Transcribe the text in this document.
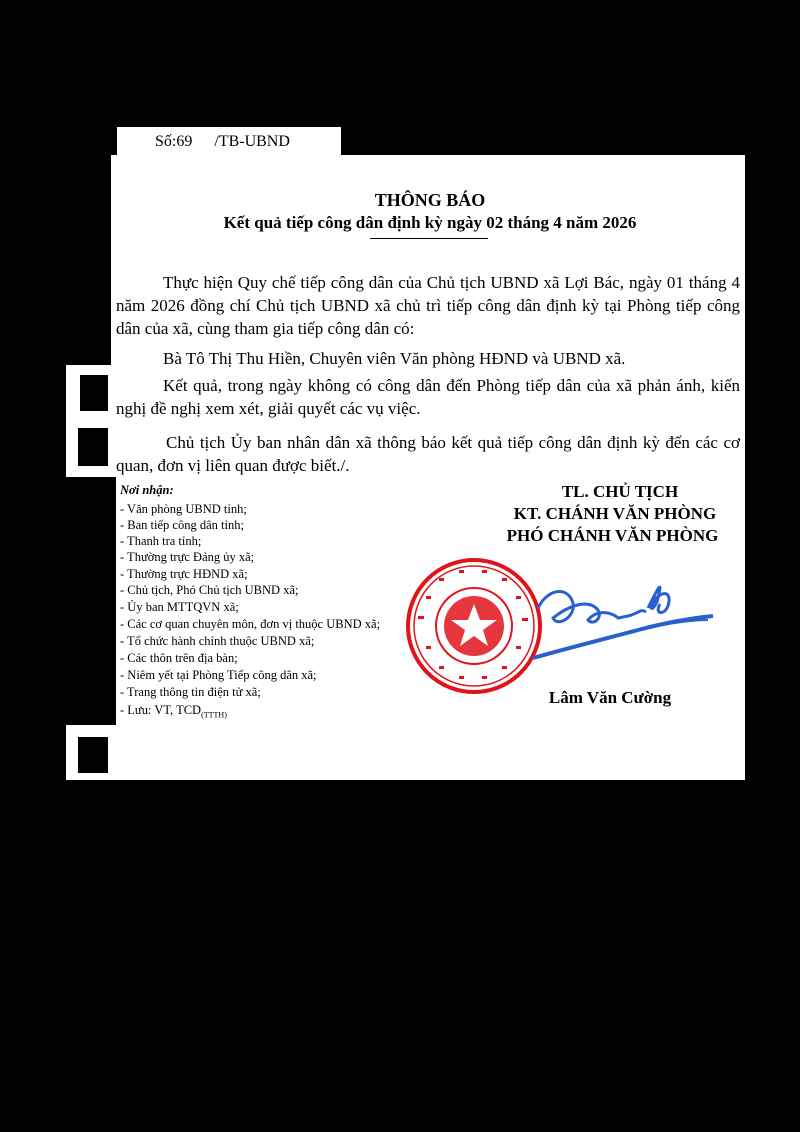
Số:69 /TB-UBND
THÔNG BÁO
Kết quả tiếp công dân định kỳ ngày 02 tháng 4 năm 2026
Thực hiện Quy chế tiếp công dân của Chủ tịch UBND xã Lợi Bác, ngày 01 tháng 4 năm 2026 đồng chí Chủ tịch UBND xã chủ trì tiếp công dân định kỳ tại Phòng tiếp công dân của xã, cùng tham gia tiếp công dân có:
Bà Tô Thị Thu Hiền, Chuyên viên Văn phòng HĐND và UBND xã.
Kết quả, trong ngày không có công dân đến Phòng tiếp dân của xã phản ánh, kiến nghị đề nghị xem xét, giải quyết các vụ việc.
Chủ tịch Ủy ban nhân dân xã thông báo kết quả tiếp công dân định kỳ đến các cơ quan, đơn vị liên quan được biết./.
Nơi nhận:
- Văn phòng UBND tỉnh;
- Ban tiếp công dân tỉnh;
- Thanh tra tỉnh;
- Thường trực Đảng ủy xã;
- Thường trực HĐND xã;
- Chủ tịch, Phó Chủ tịch UBND xã;
- Ủy ban MTTQVN xã;
- Các cơ quan chuyên môn, đơn vị thuộc UBND xã;
- Tổ chức hành chính thuộc UBND xã;
- Các thôn trên địa bàn;
- Niêm yết tại Phòng Tiếp công dân xã;
- Trang thông tin điện tử xã;
- Lưu: VT, $TCD_{(TTTH)}$
TL. CHỦ TỊCH
KT. CHÁNH VĂN PHÒNG
PHÓ CHÁNH VĂN PHÒNG
Lâm Văn Cường
